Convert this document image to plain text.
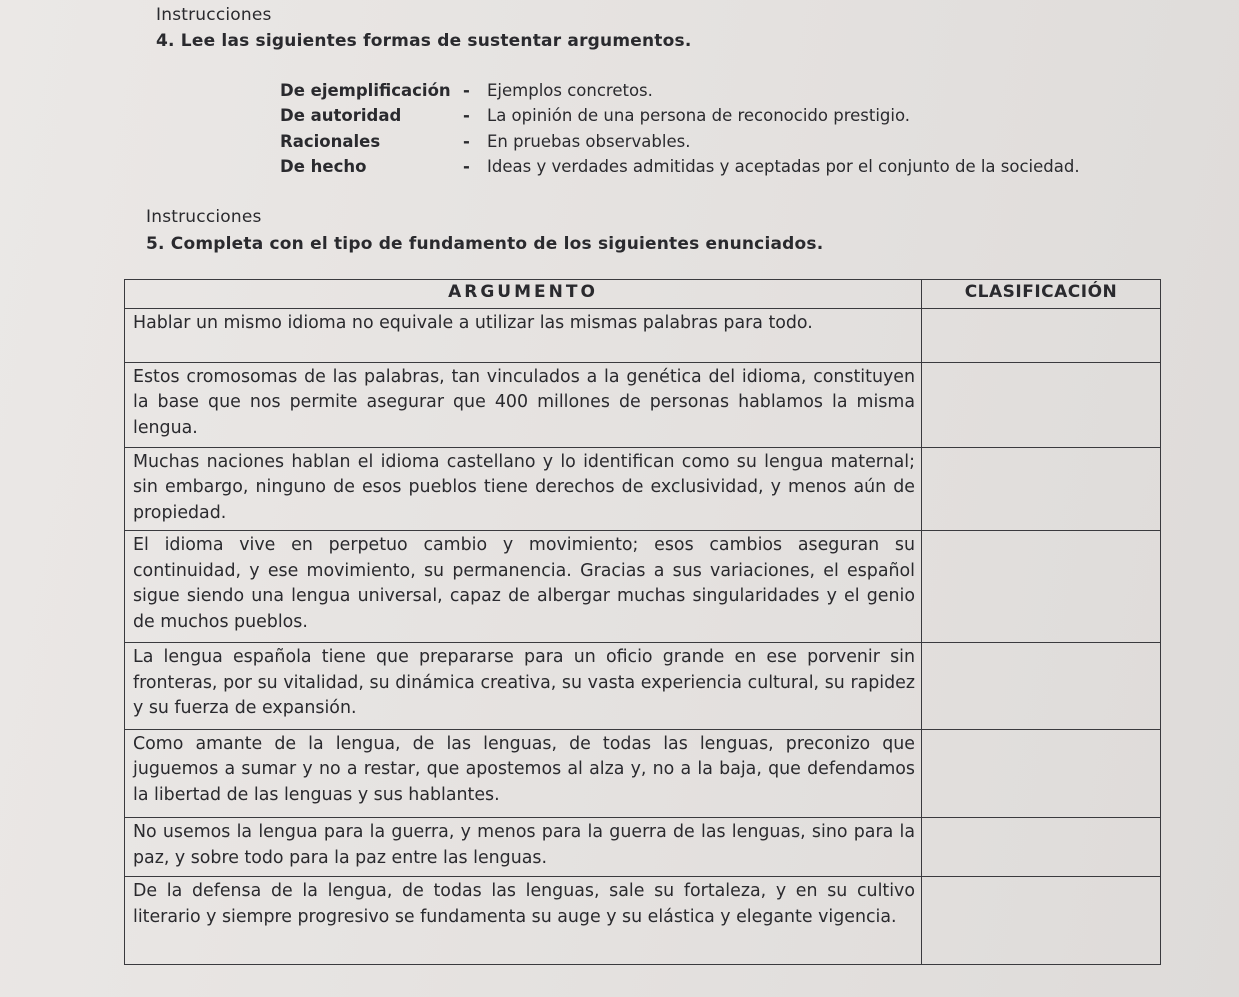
Instrucciones
4. Lee las siguientes formas de sustentar argumentos.
De ejemplificación - Ejemplos concretos.
De autoridad	- La opinión de una persona de reconocido prestigio.
Racionales	- En pruebas observables.
De hecho	- Ideas y verdades admitidas y aceptadas por el conjunto de la sociedad.
Instrucciones
5. Completa con el tipo de fundamento de los siguientes enunciados.
ARGUMENTO	CLASIFICACIÓN
Hablar un mismo idioma no equivale a utilizar las mismas palabras para todo.	
Estos cromosomas de las palabras, tan vinculados a la genética del idioma, constituyen la base que nos permite asegurar que 400 millones de personas hablamos la misma lengua.	
Muchas naciones hablan el idioma castellano y lo identifican como su lengua maternal; sin embargo, ninguno de esos pueblos tiene derechos de exclusividad, y menos aún de propiedad.	
El idioma vive en perpetuo cambio y movimiento; esos cambios aseguran su continuidad, y ese movimiento, su permanencia. Gracias a sus variaciones, el español sigue siendo una lengua universal, capaz de albergar muchas singularidades y el genio de muchos pueblos.	
La lengua española tiene que prepararse para un oficio grande en ese porvenir sin fronteras, por su vitalidad, su dinámica creativa, su vasta experiencia cultural, su rapidez y su fuerza de expansión.	
Como amante de la lengua, de las lenguas, de todas las lenguas, preconizo que juguemos a sumar y no a restar, que apostemos al alza y, no a la baja, que defendamos la libertad de las lenguas y sus hablantes.	
No usemos la lengua para la guerra, y menos para la guerra de las lenguas, sino para la paz, y sobre todo para la paz entre las lenguas.	
De la defensa de la lengua, de todas las lenguas, sale su fortaleza, y en su cultivo literario y siempre progresivo se fundamenta su auge y su elástica y elegante vigencia.	
